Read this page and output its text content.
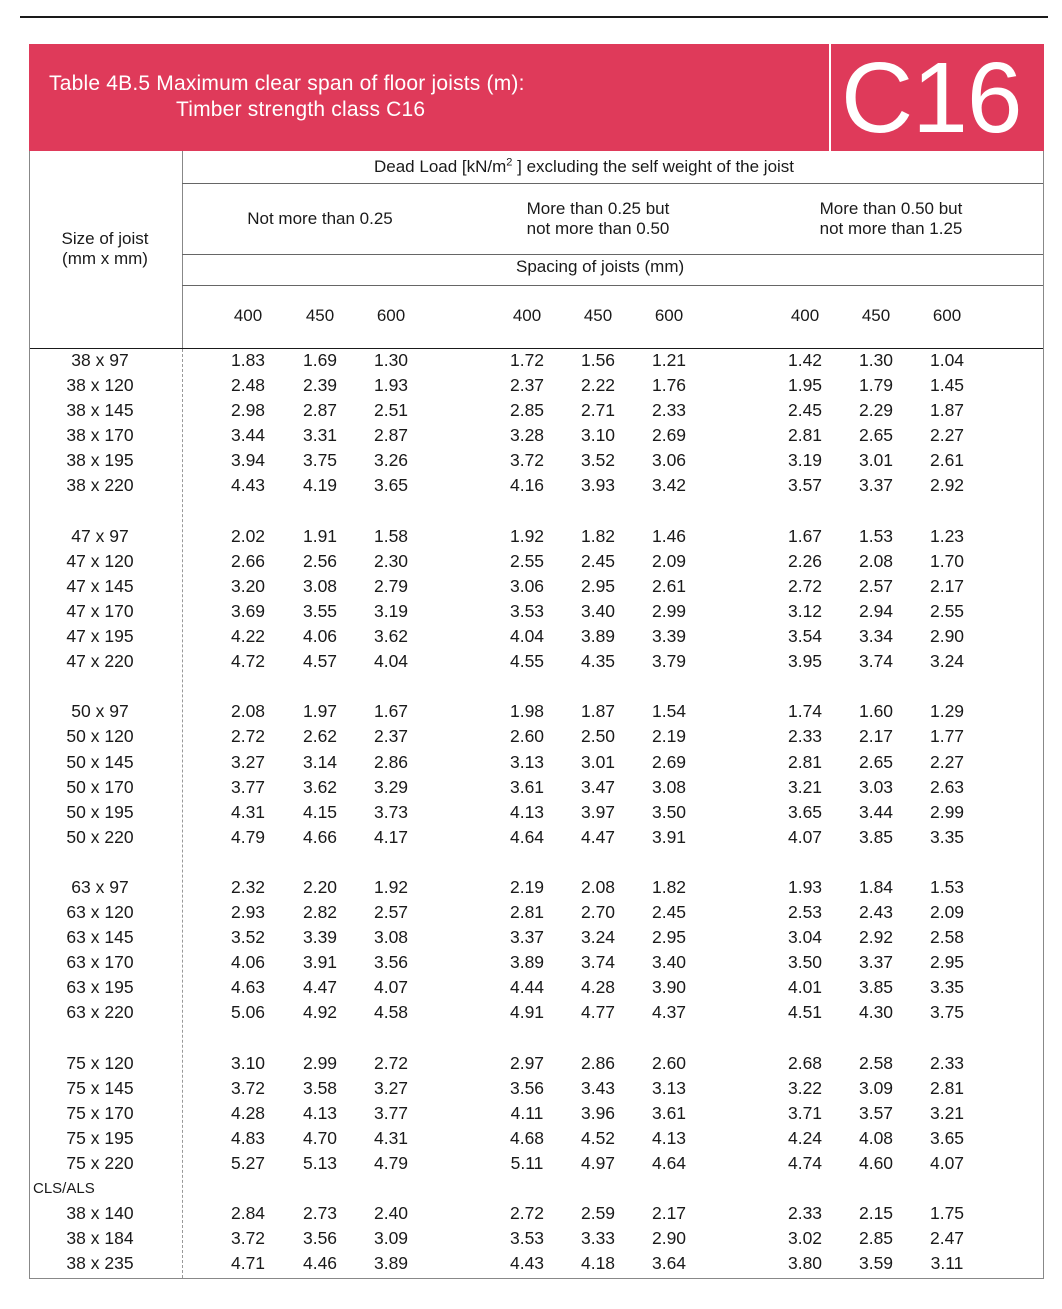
Table 4B.5 Maximum clear span of floor joists (m):
Timber strength class C16	C16
Dead Load [$kN/m^2$ ] excluding the self weight of the joist
Size of joist
(mm x mm)
Not more than 0.25
More than 0.25 but
not more than 0.50
More than 0.50 but
not more than 1.25
Spacing of joists (mm)
400	450	600	400	450	600	400	450	600
38 x 97	1.83	1.69	1.30	1.72	1.56	1.21	1.42	1.30	1.04
38 x 120	2.48	2.39	1.93	2.37	2.22	1.76	1.95	1.79	1.45
38 x 145	2.98	2.87	2.51	2.85	2.71	2.33	2.45	2.29	1.87
38 x 170	3.44	3.31	2.87	3.28	3.10	2.69	2.81	2.65	2.27
38 x 195	3.94	3.75	3.26	3.72	3.52	3.06	3.19	3.01	2.61
38 x 220	4.43	4.19	3.65	4.16	3.93	3.42	3.57	3.37	2.92
47 x 97	2.02	1.91	1.58	1.92	1.82	1.46	1.67	1.53	1.23
47 x 120	2.66	2.56	2.30	2.55	2.45	2.09	2.26	2.08	1.70
47 x 145	3.20	3.08	2.79	3.06	2.95	2.61	2.72	2.57	2.17
47 x 170	3.69	3.55	3.19	3.53	3.40	2.99	3.12	2.94	2.55
47 x 195	4.22	4.06	3.62	4.04	3.89	3.39	3.54	3.34	2.90
47 x 220	4.72	4.57	4.04	4.55	4.35	3.79	3.95	3.74	3.24
50 x 97	2.08	1.97	1.67	1.98	1.87	1.54	1.74	1.60	1.29
50 x 120	2.72	2.62	2.37	2.60	2.50	2.19	2.33	2.17	1.77
50 x 145	3.27	3.14	2.86	3.13	3.01	2.69	2.81	2.65	2.27
50 x 170	3.77	3.62	3.29	3.61	3.47	3.08	3.21	3.03	2.63
50 x 195	4.31	4.15	3.73	4.13	3.97	3.50	3.65	3.44	2.99
50 x 220	4.79	4.66	4.17	4.64	4.47	3.91	4.07	3.85	3.35
63 x 97	2.32	2.20	1.92	2.19	2.08	1.82	1.93	1.84	1.53
63 x 120	2.93	2.82	2.57	2.81	2.70	2.45	2.53	2.43	2.09
63 x 145	3.52	3.39	3.08	3.37	3.24	2.95	3.04	2.92	2.58
63 x 170	4.06	3.91	3.56	3.89	3.74	3.40	3.50	3.37	2.95
63 x 195	4.63	4.47	4.07	4.44	4.28	3.90	4.01	3.85	3.35
63 x 220	5.06	4.92	4.58	4.91	4.77	4.37	4.51	4.30	3.75
75 x 120	3.10	2.99	2.72	2.97	2.86	2.60	2.68	2.58	2.33
75 x 145	3.72	3.58	3.27	3.56	3.43	3.13	3.22	3.09	2.81
75 x 170	4.28	4.13	3.77	4.11	3.96	3.61	3.71	3.57	3.21
75 x 195	4.83	4.70	4.31	4.68	4.52	4.13	4.24	4.08	3.65
75 x 220	5.27	5.13	4.79	5.11	4.97	4.64	4.74	4.60	4.07
CLS/ALS
38 x 140	2.84	2.73	2.40	2.72	2.59	2.17	2.33	2.15	1.75
38 x 184	3.72	3.56	3.09	3.53	3.33	2.90	3.02	2.85	2.47
38 x 235	4.71	4.46	3.89	4.43	4.18	3.64	3.80	3.59	3.11
